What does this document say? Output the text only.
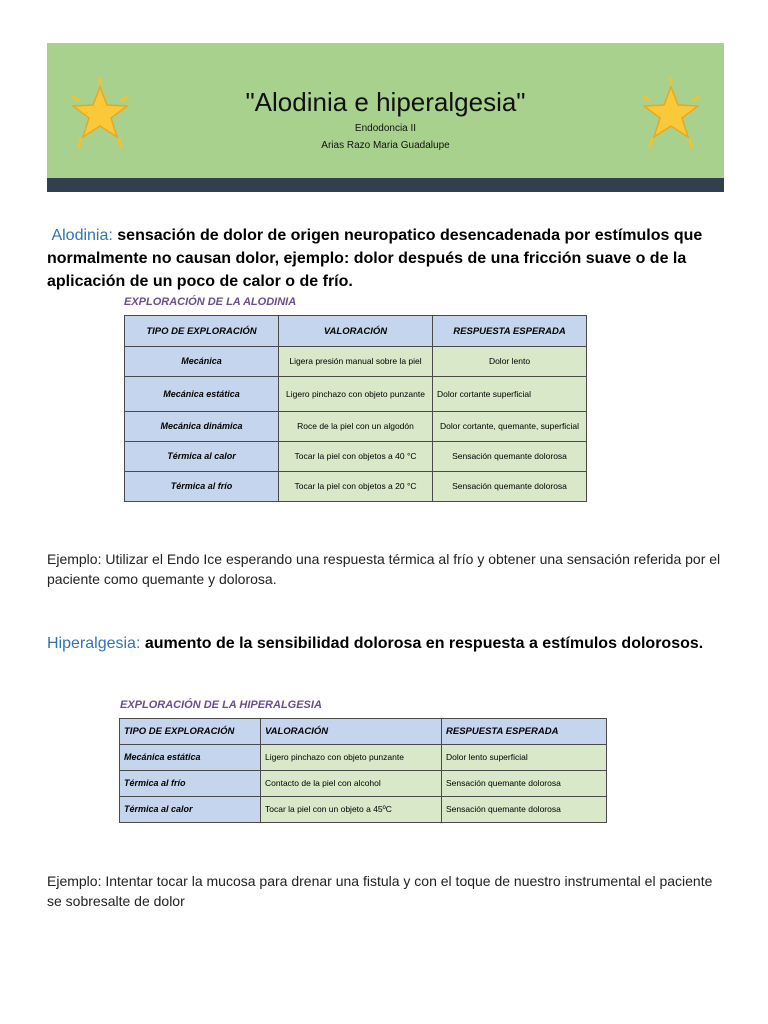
"Alodinia e hiperalgesia"
Endodoncia II
Arias Razo Maria Guadalupe

Alodinia: sensación de dolor de origen neuropatico desencadenada por estímulos que normalmente no causan dolor, ejemplo: dolor después de una fricción suave o de la aplicación de un poco de calor o de frío.

EXPLORACIÓN DE LA ALODINIA
TIPO DE EXPLORACIÓN	VALORACIÓN	RESPUESTA ESPERADA
Mecánica	Ligera presión manual sobre la piel	Dolor lento
Mecánica estática	Ligero pinchazo con objeto punzante	Dolor cortante superficial
Mecánica dinámica	Roce de la piel con un algodón	Dolor cortante, quemante, superficial
Térmica al calor	Tocar la piel con objetos a 40 °C	Sensación quemante dolorosa
Térmica al frío	Tocar la piel con objetos a 20 °C	Sensación quemante dolorosa

Ejemplo: Utilizar el Endo Ice esperando una respuesta térmica al frío y obtener una sensación referida por el paciente como quemante y dolorosa.

Hiperalgesia: aumento de la sensibilidad dolorosa en respuesta a estímulos dolorosos.

EXPLORACIÓN DE LA HIPERALGESIA
TIPO DE EXPLORACIÓN	VALORACIÓN	RESPUESTA ESPERADA
Mecánica estática	Ligero pinchazo con objeto punzante	Dolor lento superficial
Térmica al frío	Contacto de la piel con alcohol	Sensación quemante dolorosa
Térmica al calor	Tocar la piel con un objeto a 45ºC	Sensación quemante dolorosa

Ejemplo: Intentar tocar la mucosa para drenar una fistula y con el toque de nuestro instrumental el paciente se sobresalte de dolor
